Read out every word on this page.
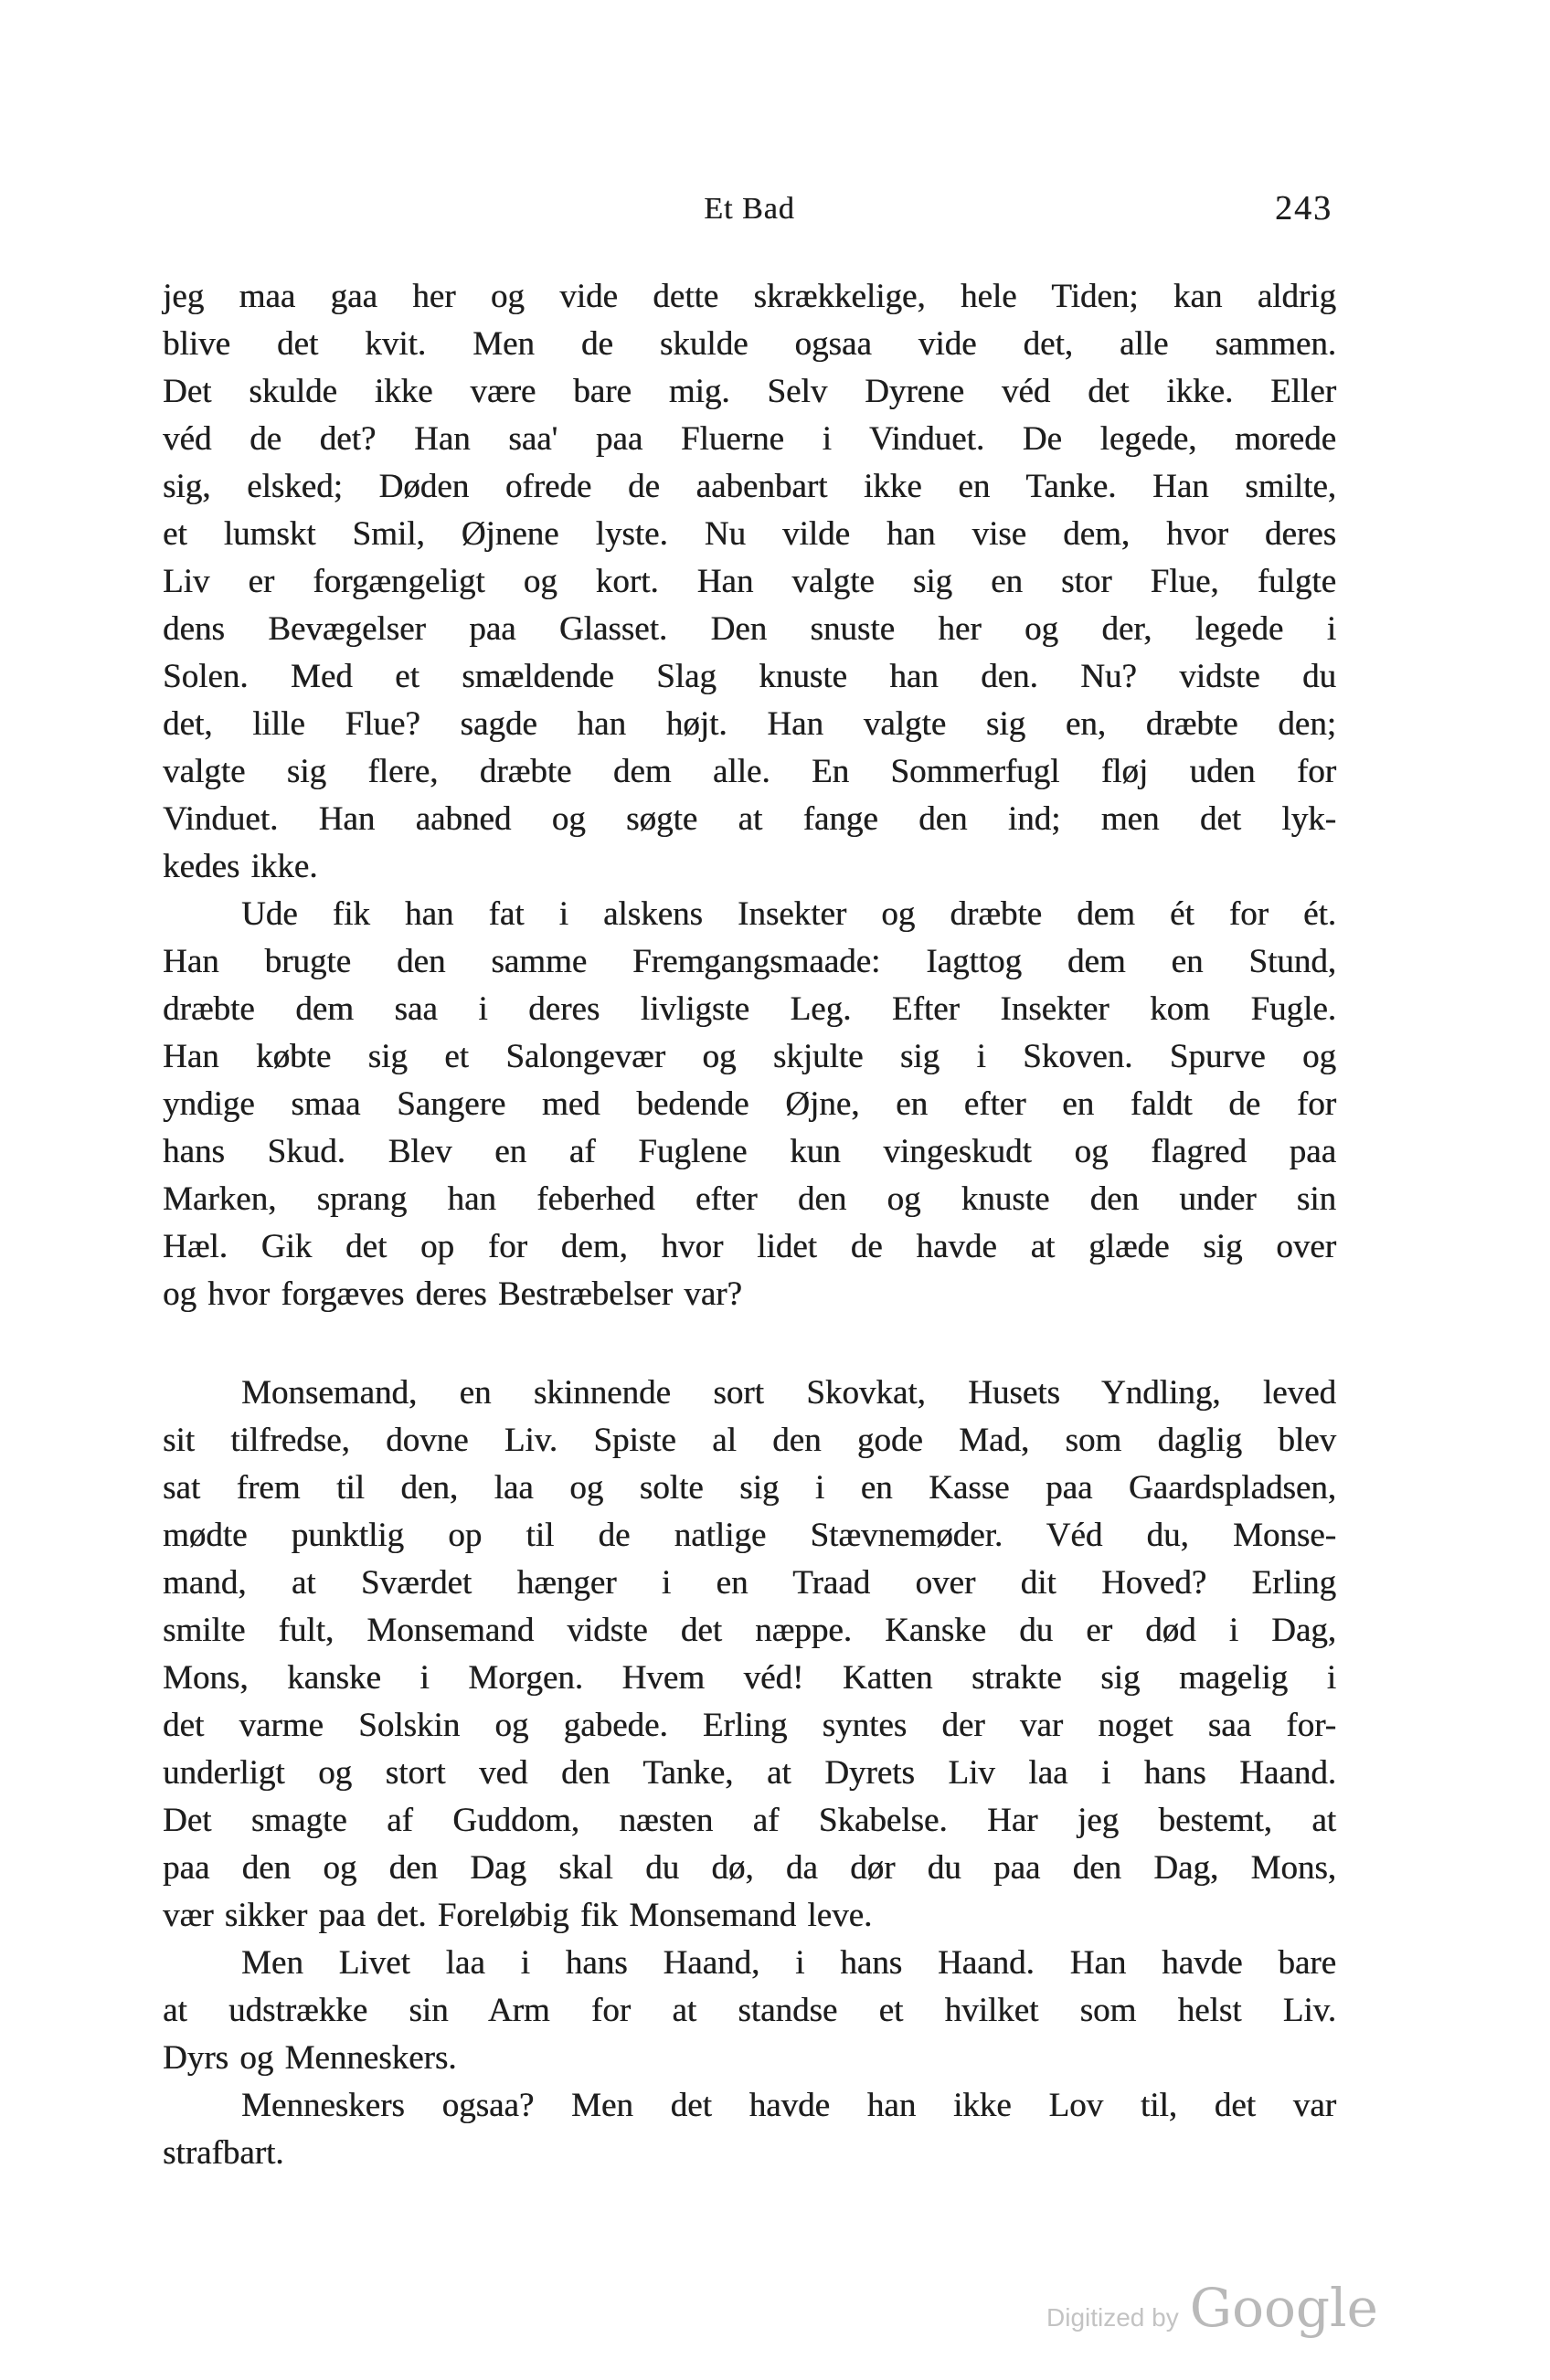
Et Bad	243
jeg maa gaa her og vide dette skrækkelige, hele Tiden; kan aldrig
blive det kvit. Men de skulde ogsaa vide det, alle sammen.
Det skulde ikke være bare mig. Selv Dyrene véd det ikke. Eller
véd de det? Han saa' paa Fluerne i Vinduet. De legede, morede
sig, elsked; Døden ofrede de aabenbart ikke en Tanke. Han smilte,
et lumskt Smil, Øjnene lyste. Nu vilde han vise dem, hvor deres
Liv er forgængeligt og kort. Han valgte sig en stor Flue, fulgte
dens Bevægelser paa Glasset. Den snuste her og der, legede i
Solen. Med et smældende Slag knuste han den. Nu? vidste du
det, lille Flue? sagde han højt. Han valgte sig en, dræbte den;
valgte sig flere, dræbte dem alle. En Sommerfugl fløj uden for
Vinduet. Han aabned og søgte at fange den ind; men det lyk-
kedes ikke.
Ude fik han fat i alskens Insekter og dræbte dem ét for ét.
Han brugte den samme Fremgangsmaade: Iagttog dem en Stund,
dræbte dem saa i deres livligste Leg. Efter Insekter kom Fugle.
Han købte sig et Salongevær og skjulte sig i Skoven. Spurve og
yndige smaa Sangere med bedende Øjne, en efter en faldt de for
hans Skud. Blev en af Fuglene kun vingeskudt og flagred paa
Marken, sprang han feberhed efter den og knuste den under sin
Hæl. Gik det op for dem, hvor lidet de havde at glæde sig over
og hvor forgæves deres Bestræbelser var?
Monsemand, en skinnende sort Skovkat, Husets Yndling, leved
sit tilfredse, dovne Liv. Spiste al den gode Mad, som daglig blev
sat frem til den, laa og solte sig i en Kasse paa Gaardspladsen,
mødte punktlig op til de natlige Stævnemøder. Véd du, Monse-
mand, at Sværdet hænger i en Traad over dit Hoved? Erling
smilte fult, Monsemand vidste det næppe. Kanske du er død i Dag,
Mons, kanske i Morgen. Hvem véd! Katten strakte sig magelig i
det varme Solskin og gabede. Erling syntes der var noget saa for-
underligt og stort ved den Tanke, at Dyrets Liv laa i hans Haand.
Det smagte af Guddom, næsten af Skabelse. Har jeg bestemt, at
paa den og den Dag skal du dø, da dør du paa den Dag, Mons,
vær sikker paa det. Foreløbig fik Monsemand leve.
Men Livet laa i hans Haand, i hans Haand. Han havde bare
at udstrække sin Arm for at standse et hvilket som helst Liv.
Dyrs og Menneskers.
Menneskers ogsaa? Men det havde han ikke Lov til, det var
strafbart.
Digitized by Google
